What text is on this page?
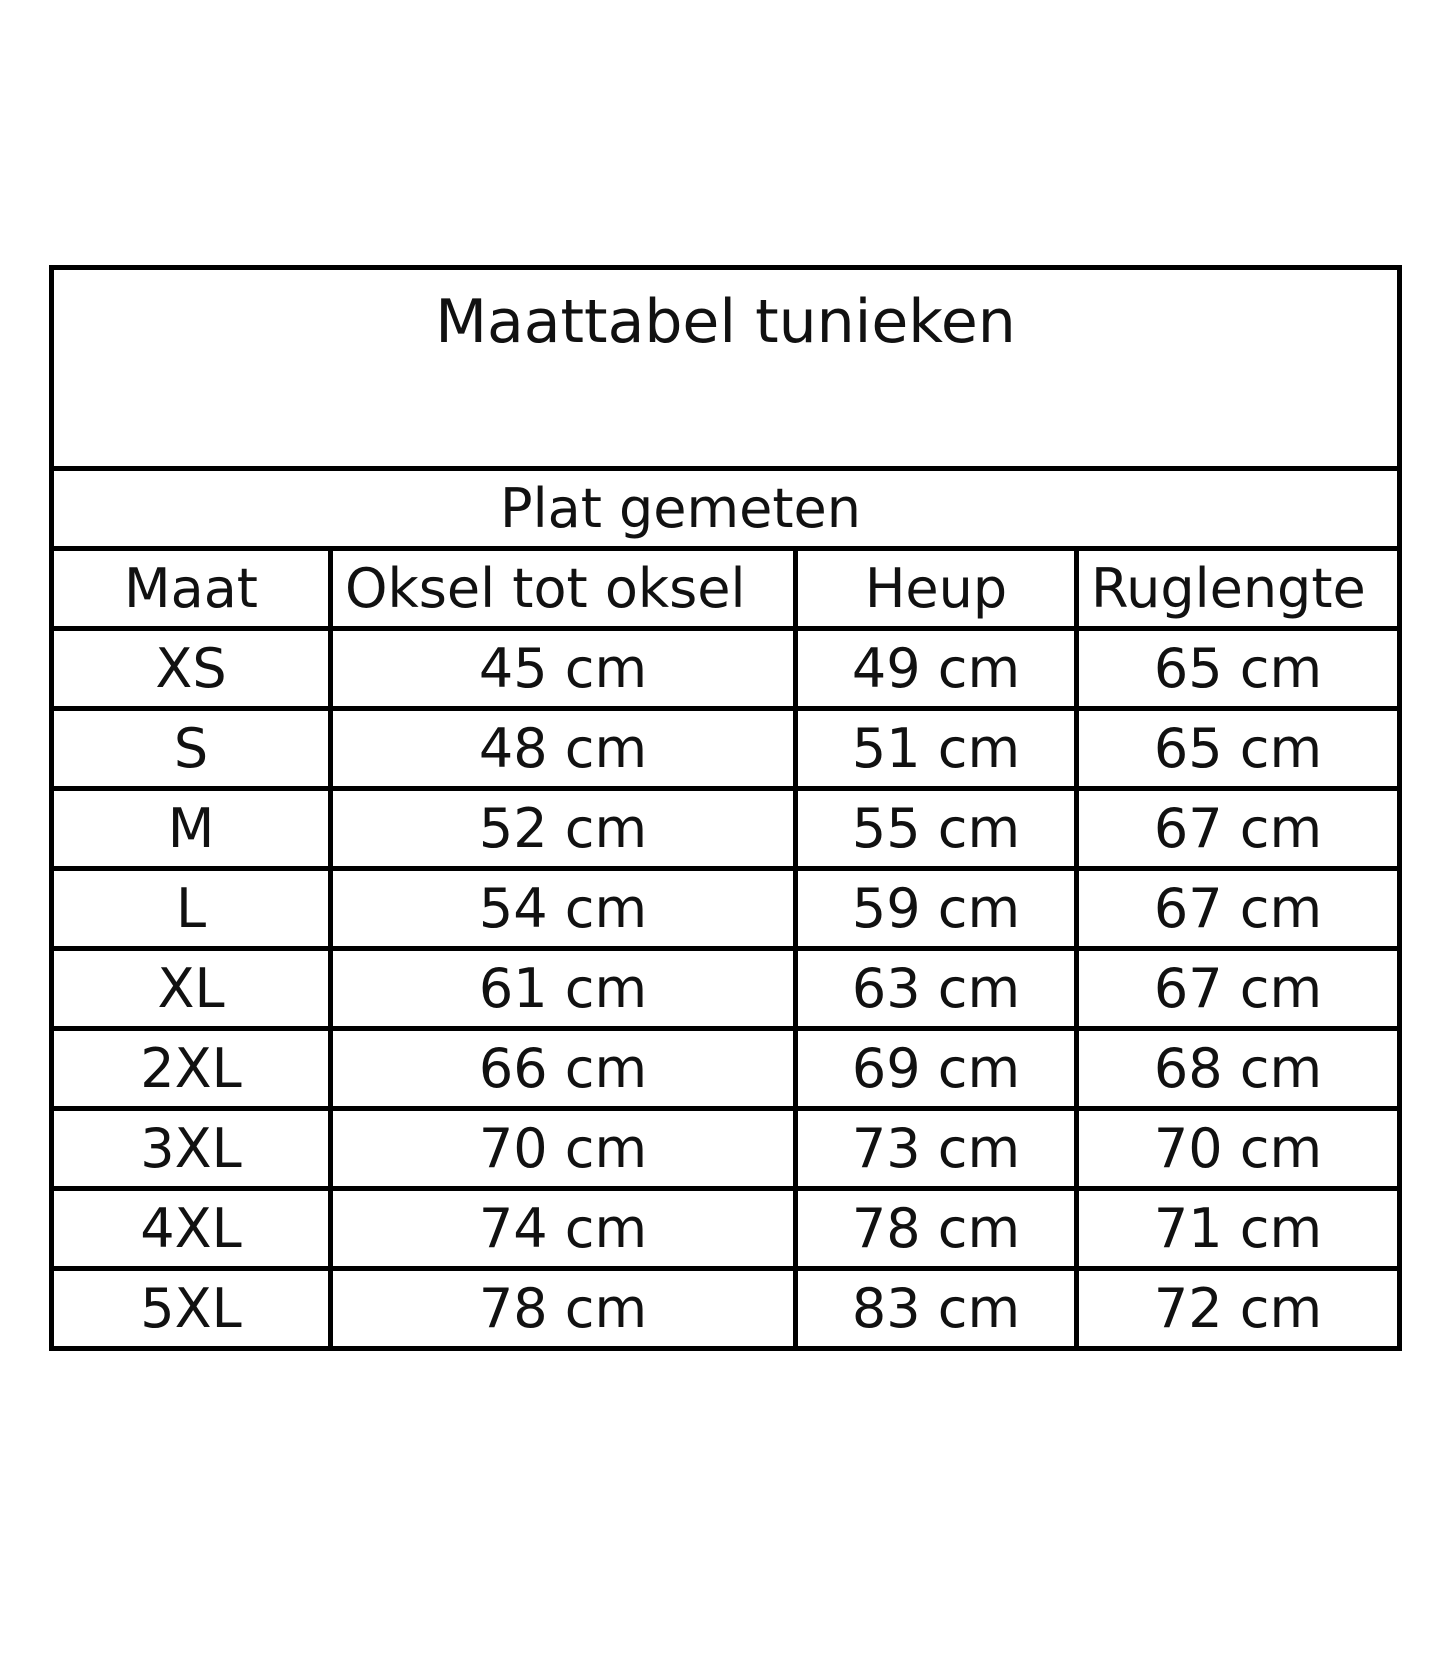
Maattabel tunieken			

Plat gemeten			
Maat	Oksel tot oksel	Heup	Ruglengte
XS	45 cm	49 cm	65 cm
S	48 cm	51 cm	65 cm
M	52 cm	55 cm	67 cm
L	54 cm	59 cm	67 cm
XL	61 cm	63 cm	67 cm
2XL	66 cm	69 cm	68 cm
3XL	70 cm	73 cm	70 cm
4XL	74 cm	78 cm	71 cm
5XL	78 cm	83 cm	72 cm
